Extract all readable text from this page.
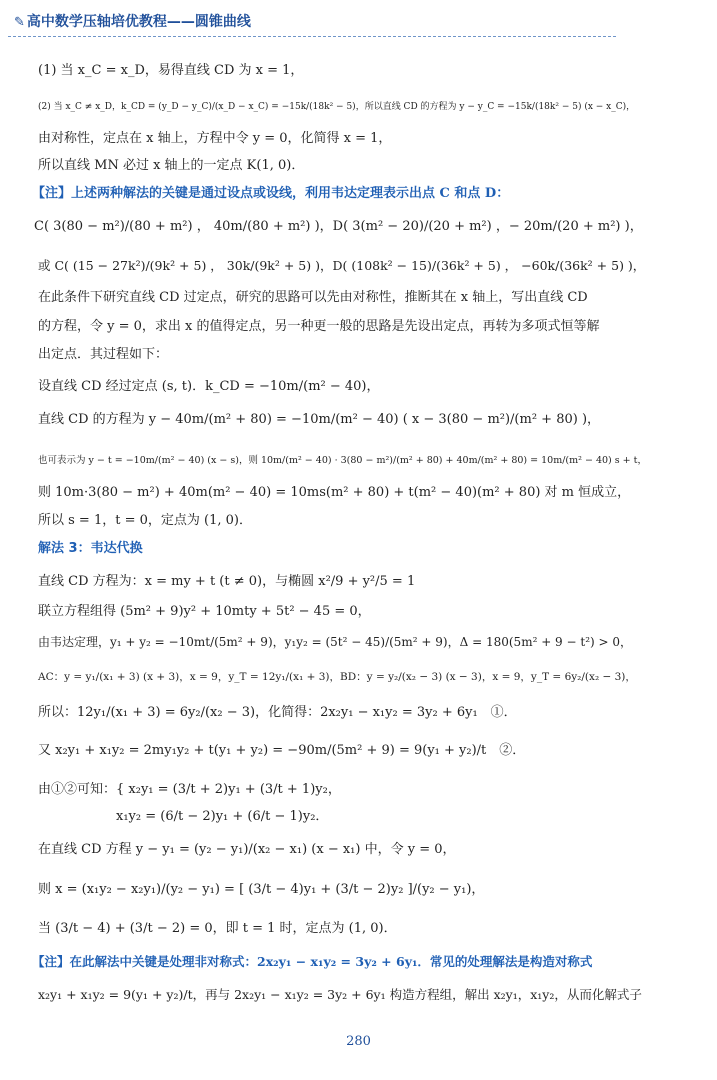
✎ 高中数学压轴培优教程——圆锥曲线
(1) 当 x_C = x_D，易得直线 CD 为 x = 1，
(2) 当 x_C ≠ x_D，k_CD = (y_D − y_C)/(x_D − x_C) = −15k/(18k² − 5)，所以直线 CD 的方程为 y − y_C = −15k/(18k² − 5) (x − x_C)，
由对称性，定点在 x 轴上，方程中令 y = 0，化简得 x = 1，
所以直线 MN 必过 x 轴上的一定点 K(1, 0)．
【注】上述两种解法的关键是通过设点或设线，利用韦达定理表示出点 C 和点 D：
C( 3(80 − m²)/(80 + m²) ， 40m/(80 + m²) )，D( 3(m² − 20)/(20 + m²) ，− 20m/(20 + m²) )，
或 C( (15 − 27k²)/(9k² + 5) ， 30k/(9k² + 5) )，D( (108k² − 15)/(36k² + 5) ， −60k/(36k² + 5) )，
在此条件下研究直线 CD 过定点，研究的思路可以先由对称性，推断其在 x 轴上，写出直线 CD
的方程，令 y = 0，求出 x 的值得定点，另一种更一般的思路是先设出定点，再转为多项式恒等解
出定点．其过程如下：
设直线 CD 经过定点 (s, t)．k_CD = −10m/(m² − 40)，
直线 CD 的方程为 y − 40m/(m² + 80) = −10m/(m² − 40) ( x − 3(80 − m²)/(m² + 80) )，
也可表示为 y − t = −10m/(m² − 40) (x − s)，则 10m/(m² − 40) · 3(80 − m²)/(m² + 80) + 40m/(m² + 80) = 10m/(m² − 40) s + t，
则 10m·3(80 − m²) + 40m(m² − 40) = 10ms(m² + 80) + t(m² − 40)(m² + 80) 对 m 恒成立，
所以 s = 1，t = 0，定点为 (1, 0)．
解法 3：韦达代换
直线 CD 方程为：x = my + t (t ≠ 0)，与椭圆 x²/9 + y²/5 = 1
联立方程组得 (5m² + 9)y² + 10mty + 5t² − 45 = 0，
由韦达定理，y₁ + y₂ = −10mt/(5m² + 9)，y₁y₂ = (5t² − 45)/(5m² + 9)，Δ = 180(5m² + 9 − t²) > 0，
AC：y = y₁/(x₁ + 3) (x + 3)，x = 9，y_T = 12y₁/(x₁ + 3)，BD：y = y₂/(x₂ − 3) (x − 3)，x = 9，y_T = 6y₂/(x₂ − 3)，
所以：12y₁/(x₁ + 3) = 6y₂/(x₂ − 3)，化简得：2x₂y₁ − x₁y₂ = 3y₂ + 6y₁　①．
又 x₂y₁ + x₁y₂ = 2my₁y₂ + t(y₁ + y₂) = −90m/(5m² + 9) = 9(y₁ + y₂)/t　②．
由①②可知：{ x₂y₁ = (3/t + 2)y₁ + (3/t + 1)y₂，
　　　　　　x₁y₂ = (6/t − 2)y₁ + (6/t − 1)y₂．
在直线 CD 方程 y − y₁ = (y₂ − y₁)/(x₂ − x₁) (x − x₁) 中，令 y = 0，
则 x = (x₁y₂ − x₂y₁)/(y₂ − y₁) = [ (3/t − 4)y₁ + (3/t − 2)y₂ ]/(y₂ − y₁)，
当 (3/t − 4) + (3/t − 2) = 0，即 t = 1 时，定点为 (1, 0)．
【注】在此解法中关键是处理非对称式：2x₂y₁ − x₁y₂ = 3y₂ + 6y₁．常见的处理解法是构造对称式
x₂y₁ + x₁y₂ = 9(y₁ + y₂)/t，再与 2x₂y₁ − x₁y₂ = 3y₂ + 6y₁ 构造方程组，解出 x₂y₁，x₁y₂，从而化解式子
280
